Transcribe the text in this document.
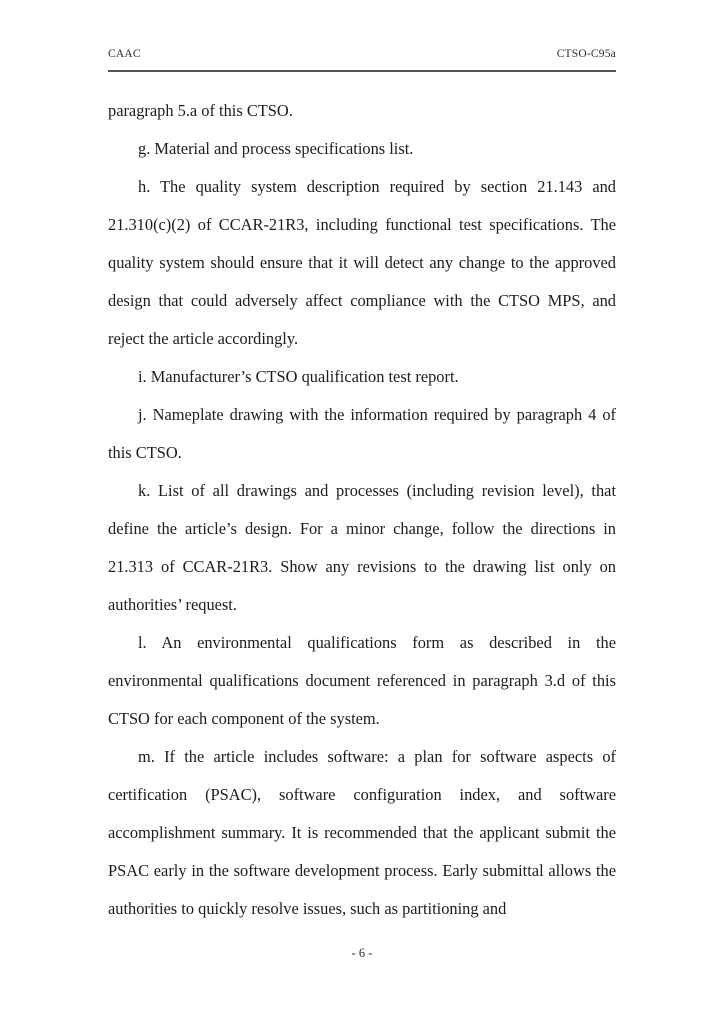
CAAC	CTSO-C95a

paragraph 5.a of this CTSO.

g. Material and process specifications list.

h. The quality system description required by section 21.143 and 21.310(c)(2) of CCAR-21R3, including functional test specifications. The quality system should ensure that it will detect any change to the approved design that could adversely affect compliance with the CTSO MPS, and reject the article accordingly.

i. Manufacturer’s CTSO qualification test report.

j. Nameplate drawing with the information required by paragraph 4 of this CTSO.

k. List of all drawings and processes (including revision level), that define the article’s design. For a minor change, follow the directions in 21.313 of CCAR-21R3. Show any revisions to the drawing list only on authorities’ request.

l. An environmental qualifications form as described in the environmental qualifications document referenced in paragraph 3.d of this CTSO for each component of the system.

m. If the article includes software: a plan for software aspects of certification (PSAC), software configuration index, and software accomplishment summary. It is recommended that the applicant submit the PSAC early in the software development process. Early submittal allows the authorities to quickly resolve issues, such as partitioning and

- 6 -
